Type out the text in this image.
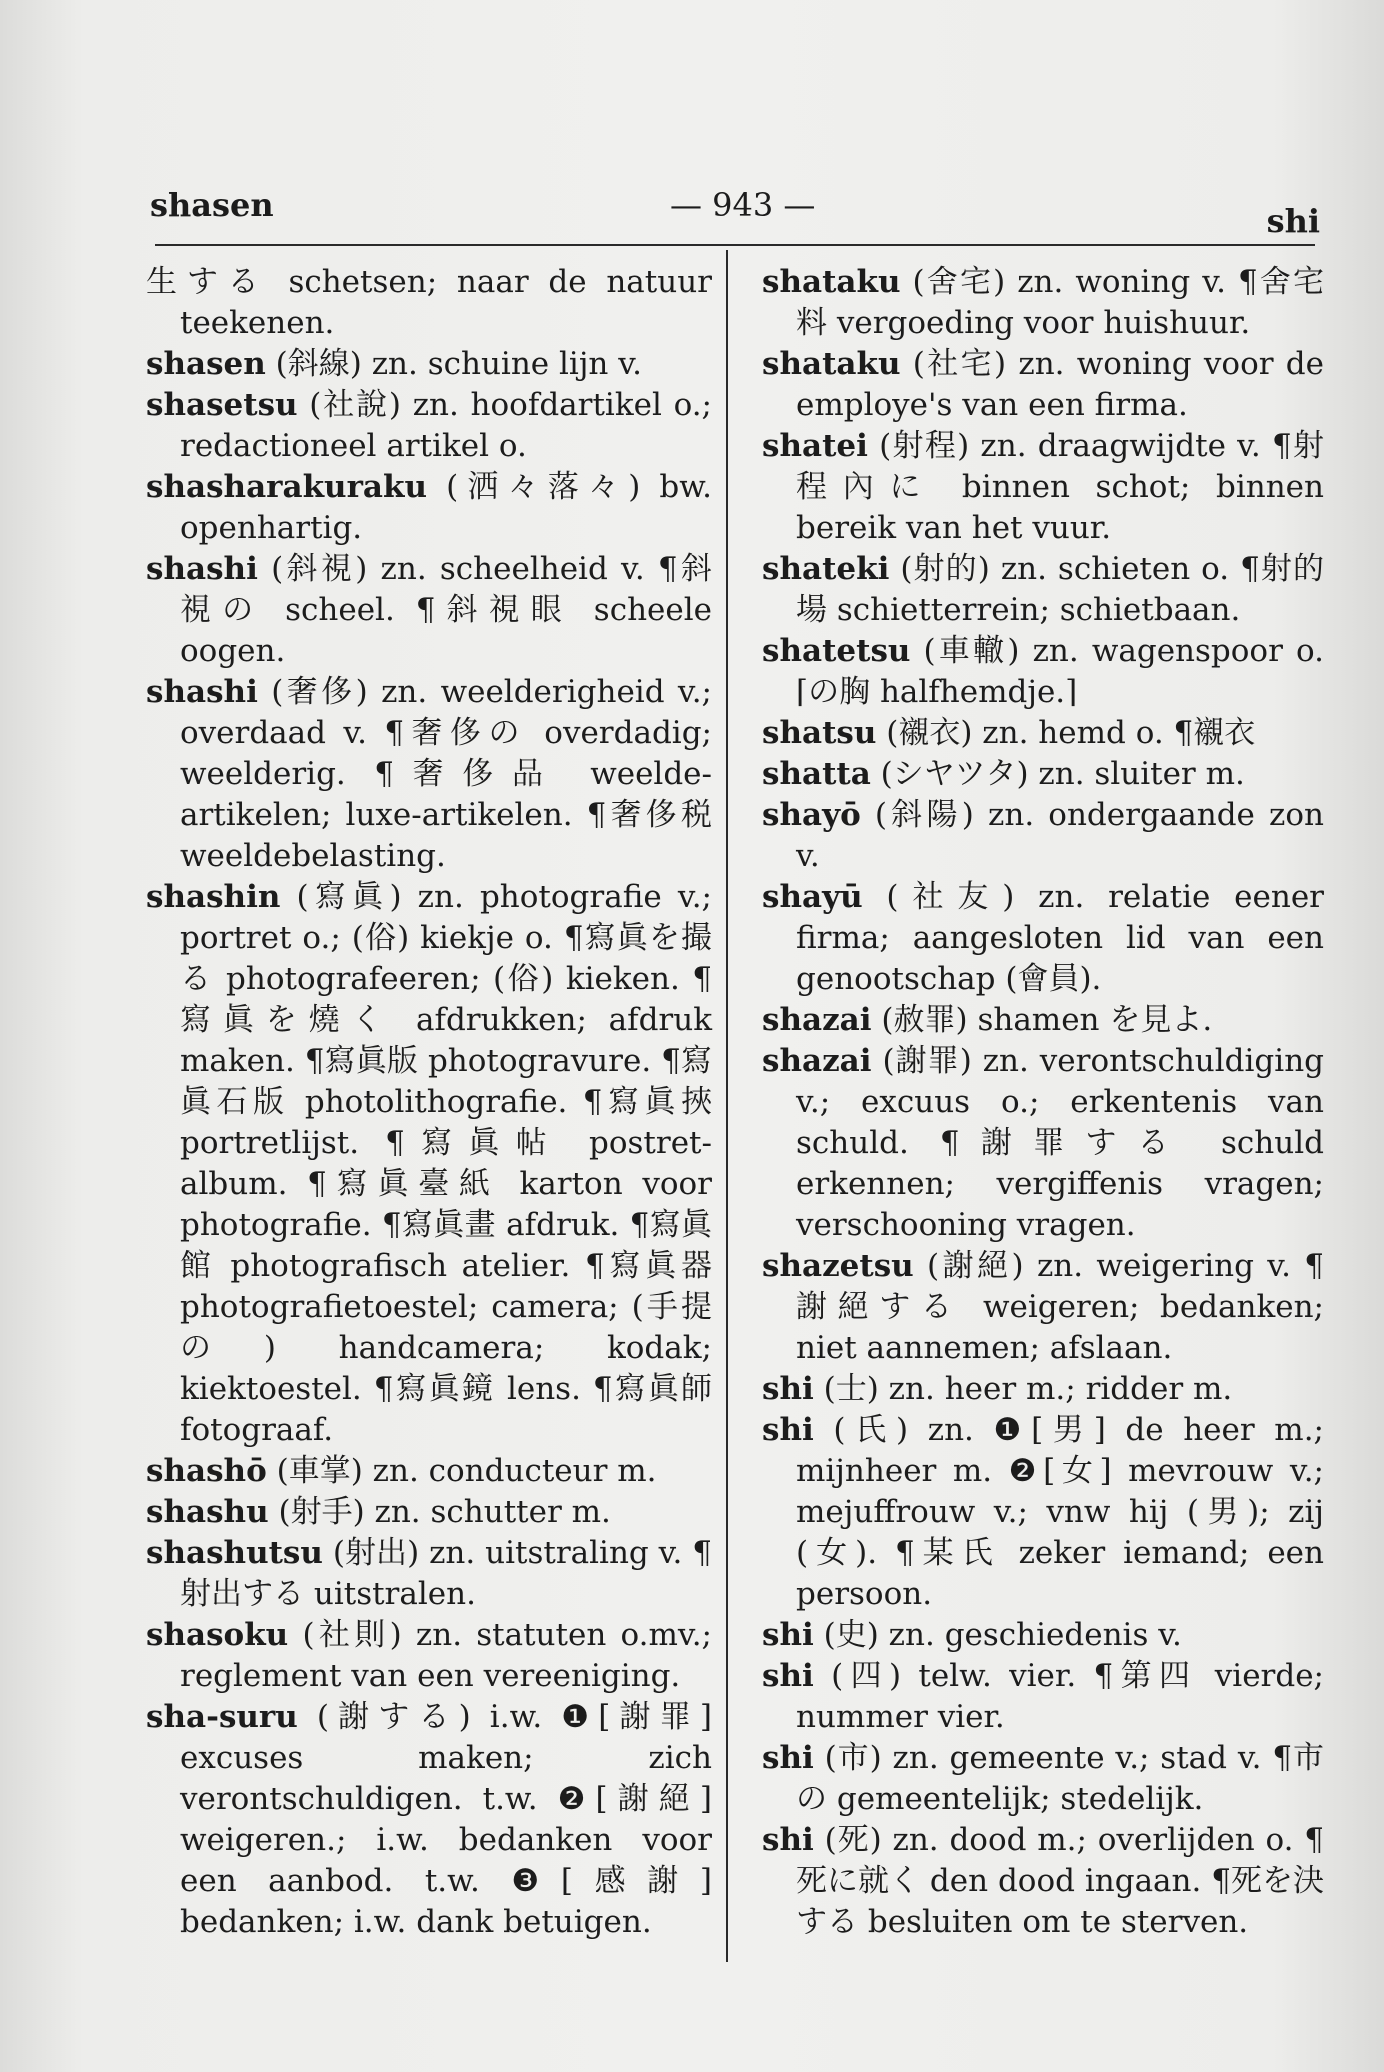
shasen	— 943 —	shi

生する schetsen; naar de natuur teekenen.

shasen (斜線) zn. schuine lijn v.

shasetsu (社說) zn. hoofdartikel o.; redactioneel artikel o.

shasharakuraku (洒々落々) bw. openhartig.

shashi (斜視) zn. scheelheid v. ¶斜視の scheel. ¶斜視眼 scheele oogen.

shashi (奢侈) zn. weelderigheid v.; overdaad v. ¶奢侈の overdadig; weelderig. ¶奢侈品 weelde-artikelen; luxe-artikelen. ¶奢侈税 weeldebelasting.

shashin (寫眞) zn. photografie v.; portret o.; (俗) kiekje o. ¶寫眞を撮る photografeeren; (俗) kieken. ¶寫眞を燒く afdrukken; afdruk maken. ¶寫眞版 photogravure. ¶寫眞石版 photolithografie. ¶寫眞挾 portretlijst. ¶寫眞帖 postret-album. ¶寫眞臺紙 karton voor photografie. ¶寫眞畫 afdruk. ¶寫眞館 photografisch atelier. ¶寫眞器 photografietoestel; camera; (手提の) handcamera; kodak; kiektoestel. ¶寫眞鏡 lens. ¶寫眞師 fotograaf.

shashō (車掌) zn. conducteur m.

shashu (射手) zn. schutter m.

shashutsu (射出) zn. uitstraling v. ¶射出する uitstralen.

shasoku (社則) zn. statuten o.mv.; reglement van een vereeniging.

sha-suru (謝する) i.w. ❶[謝罪] excuses maken; zich verontschuldigen. t.w. ❷[謝絕] weigeren.; i.w. bedanken voor een aanbod. t.w. ❸[感謝] bedanken; i.w. dank betuigen.

shataku (舍宅) zn. woning v. ¶舍宅料 vergoeding voor huishuur.

shataku (社宅) zn. woning voor de employe's van een firma.

shatei (射程) zn. draagwijdte v. ¶射程內に binnen schot; binnen bereik van het vuur.

shateki (射的) zn. schieten o. ¶射的場 schietterrein; schietbaan.

shatetsu (車轍) zn. wagenspoor o. ⌈の胸 halfhemdje.⌉

shatsu (襯衣) zn. hemd o. ¶襯衣

shatta (シヤツタ) zn. sluiter m.

shayō (斜陽) zn. ondergaande zon v.

shayū (社友) zn. relatie eener firma; aangesloten lid van een genootschap (會員).

shazai (赦罪) shamen を見よ.

shazai (謝罪) zn. verontschuldiging v.; excuus o.; erkentenis van schuld. ¶謝罪する schuld erkennen; vergiffenis vragen; verschooning vragen.

shazetsu (謝絕) zn. weigering v. ¶謝絕する weigeren; bedanken; niet aannemen; afslaan.

shi (士) zn. heer m.; ridder m.

shi (氏) zn. ❶[男] de heer m.; mijnheer m. ❷[女] mevrouw v.; mejuffrouw v.; vnw hij (男); zij (女). ¶某氏 zeker iemand; een persoon.

shi (史) zn. geschiedenis v.

shi (四) telw. vier. ¶第四 vierde; nummer vier.

shi (市) zn. gemeente v.; stad v. ¶市の gemeentelijk; stedelijk.

shi (死) zn. dood m.; overlijden o. ¶死に就く den dood ingaan. ¶死を決する besluiten om te sterven.
